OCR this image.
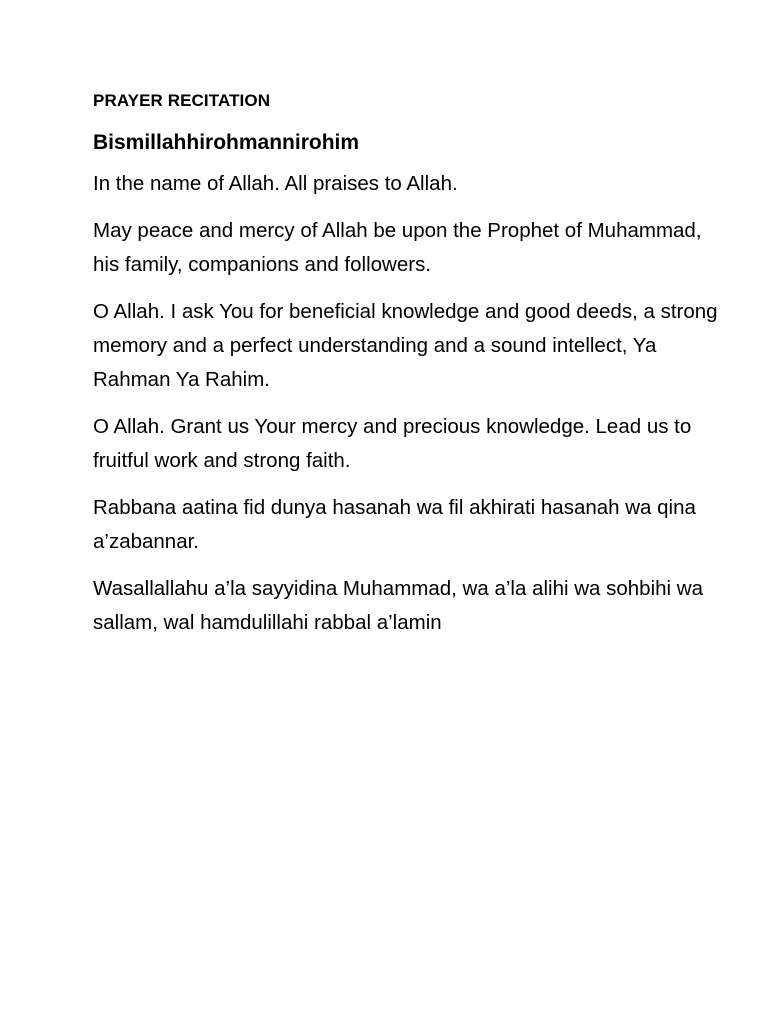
PRAYER RECITATION
Bismillahhirohmannirohim

In the name of Allah. All praises to Allah.

May peace and mercy of Allah be upon the Prophet of Muhammad, his family, companions and followers.

O Allah. I ask You for beneficial knowledge and good deeds, a strong memory and a perfect understanding and a sound intellect, Ya Rahman Ya Rahim.

O Allah. Grant us Your mercy and precious knowledge. Lead us to fruitful work and strong faith.

Rabbana aatina fid dunya hasanah wa fil akhirati hasanah wa qina a’zabannar.

Wasallallahu a’la sayyidina Muhammad, wa a’la alihi wa sohbihi wa sallam, wal hamdulillahi rabbal a’lamin
